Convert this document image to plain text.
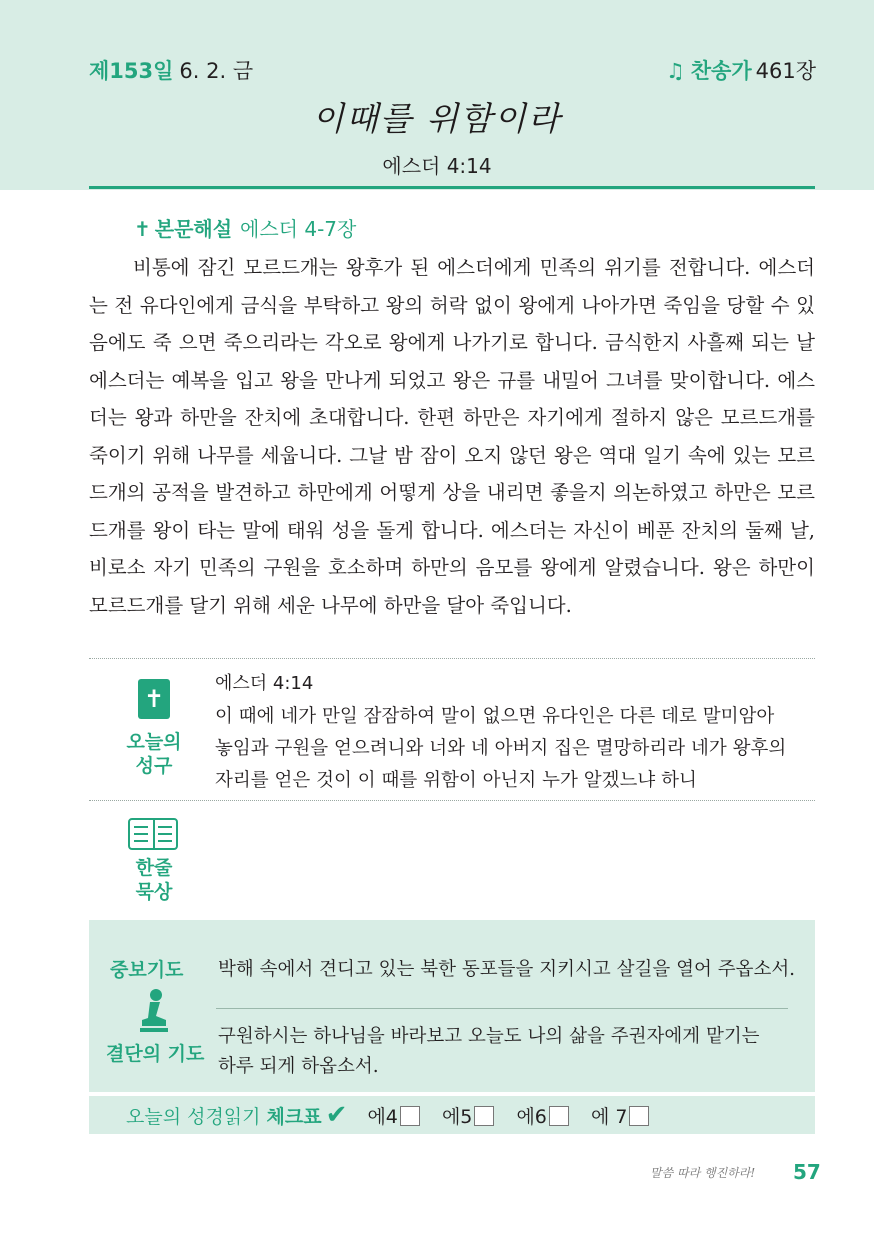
제153일 6. 2. 금	♫ 찬송가 461장
이때를 위함이라
에스더 4:14
✝ 본문해설 에스더 4-7장
비통에 잠긴 모르드개는 왕후가 된 에스더에게 민족의 위기를 전합니다. 에스더는 전 유다인에게 금식을 부탁하고 왕의 허락 없이 왕에게 나아가면 죽임을 당할 수 있음에도 죽 으면 죽으리라는 각오로 왕에게 나가기로 합니다. 금식한지 사흘째 되는 날 에스더는 예복을 입고 왕을 만나게 되었고 왕은 규를 내밀어 그녀를 맞이합니다. 에스더는 왕과 하만을 잔치에 초대합니다. 한편 하만은 자기에게 절하지 않은 모르드개를 죽이기 위해 나무를 세웁니다. 그날 밤 잠이 오지 않던 왕은 역대 일기 속에 있는 모르드개의 공적을 발견하고 하만에게 어떻게 상을 내리면 좋을지 의논하였고 하만은 모르드개를 왕이 타는 말에 태워 성을 돌게 합니다. 에스더는 자신이 베푼 잔치의 둘째 날, 비로소 자기 민족의 구원을 호소하며 하만의 음모를 왕에게 알렸습니다. 왕은 하만이 모르드개를 달기 위해 세운 나무에 하만을 달아 죽입니다.
✝
오늘의
성구
에스더 4:14
이 때에 네가 만일 잠잠하여 말이 없으면 유다인은 다른 데로 말미암아 놓임과 구원을 얻으려니와 너와 네 아버지 집은 멸망하리라 네가 왕후의 자리를 얻은 것이 이 때를 위함이 아닌지 누가 알겠느냐 하니
한줄
묵상
중보기도 박해 속에서 견디고 있는 북한 동포들을 지키시고 살길을 열어 주옵소서.
결단의 기도
구원하시는 하나님을 바라보고 오늘도 나의 삶을 주권자에게 맡기는
하루 되게 하옵소서.
오늘의 성경읽기 체크표 ✔ 에4 에5 에6 에 7
말씀 따라 행진하라! 57
